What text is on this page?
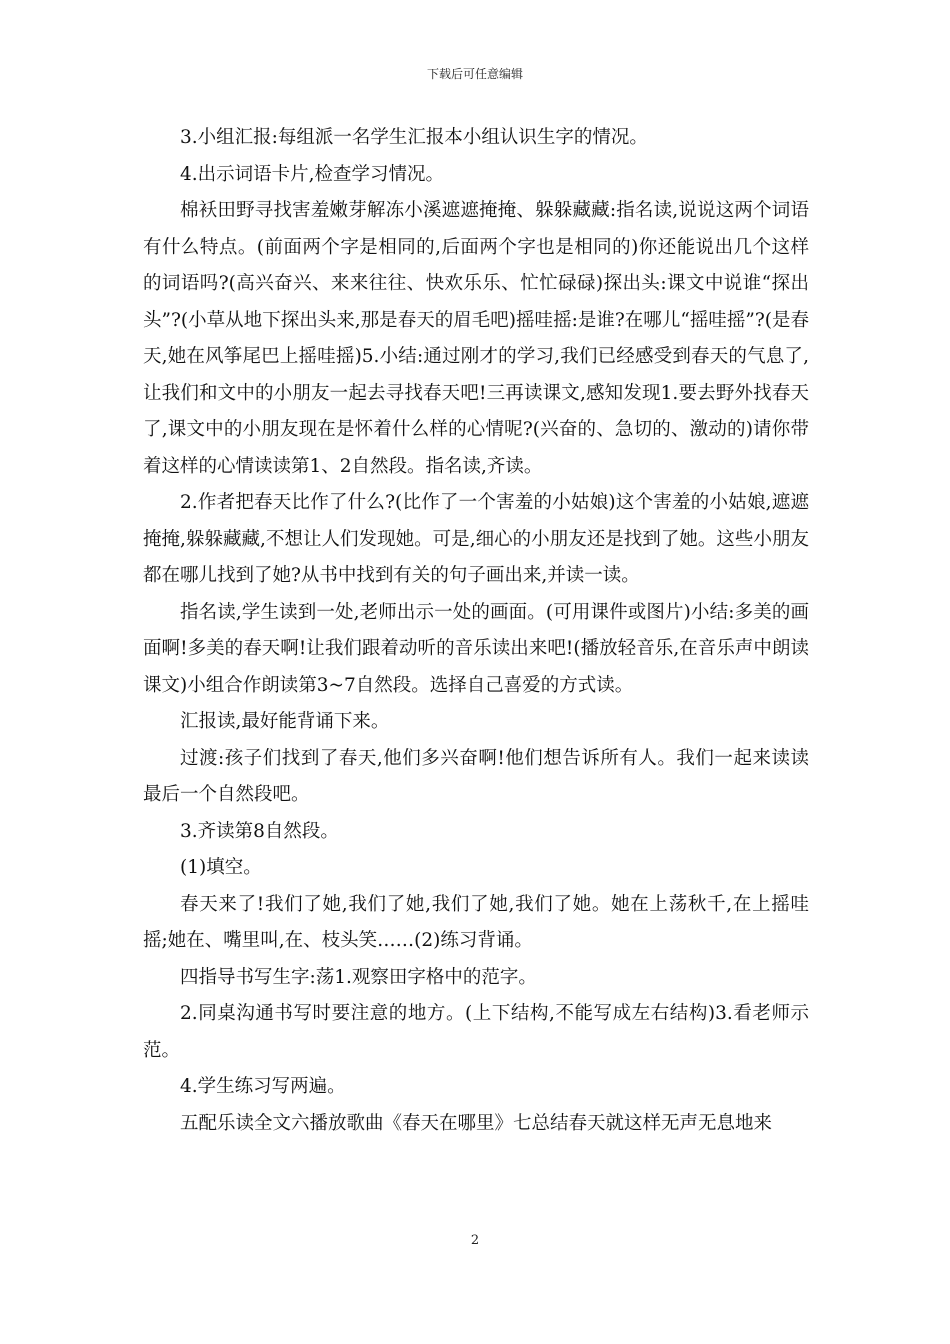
下载后可任意编辑

3.小组汇报:每组派一名学生汇报本小组认识生字的情况。

4.出示词语卡片,检查学习情况。

棉袄田野寻找害羞嫩芽解冻小溪遮遮掩掩、躲躲藏藏:指名读,说说这两个词语有什么特点。(前面两个字是相同的,后面两个字也是相同的)你还能说出几个这样的词语吗?(高兴奋兴、来来往往、快欢乐乐、忙忙碌碌)探出头:课文中说谁“探出头”?(小草从地下探出头来,那是春天的眉毛吧)摇哇摇:是谁?在哪儿“摇哇摇”?(是春天,她在风筝尾巴上摇哇摇)5.小结:通过刚才的学习,我们已经感受到春天的气息了,让我们和文中的小朋友一起去寻找春天吧!三再读课文,感知发现1.要去野外找春天了,课文中的小朋友现在是怀着什么样的心情呢?(兴奋的、急切的、激动的)请你带着这样的心情读读第1、2自然段。指名读,齐读。

2.作者把春天比作了什么?(比作了一个害羞的小姑娘)这个害羞的小姑娘,遮遮掩掩,躲躲藏藏,不想让人们发现她。可是,细心的小朋友还是找到了她。这些小朋友都在哪儿找到了她?从书中找到有关的句子画出来,并读一读。

指名读,学生读到一处,老师出示一处的画面。(可用课件或图片)小结:多美的画面啊!多美的春天啊!让我们跟着动听的音乐读出来吧!(播放轻音乐,在音乐声中朗读课文)小组合作朗读第3~7自然段。选择自己喜爱的方式读。

汇报读,最好能背诵下来。

过渡:孩子们找到了春天,他们多兴奋啊!他们想告诉所有人。我们一起来读读最后一个自然段吧。

3.齐读第8自然段。

(1)填空。

春天来了!我们了她,我们了她,我们了她,我们了她。她在上荡秋千,在上摇哇摇;她在、嘴里叫,在、枝头笑……(2)练习背诵。

四指导书写生字:荡1.观察田字格中的范字。

2.同桌沟通书写时要注意的地方。(上下结构,不能写成左右结构)3.看老师示范。

4.学生练习写两遍。

五配乐读全文六播放歌曲《春天在哪里》七总结春天就这样无声无息地来

2
